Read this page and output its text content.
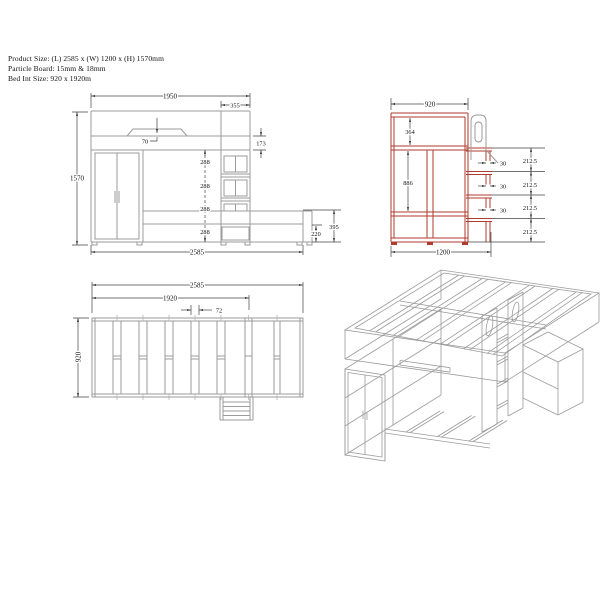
Product Size: (L) 2585 x (W) 1200 x (H) 1570mm
Particle Board: 15mm & 18mm
Bed Int Size: 920 x 1920m
1950
355
1570
70	173
288
288
288
288	220
395
2585
920
364
886
30
30
30
212.5
212.5
212.5
212.5
1200
2585
1920
72
920
